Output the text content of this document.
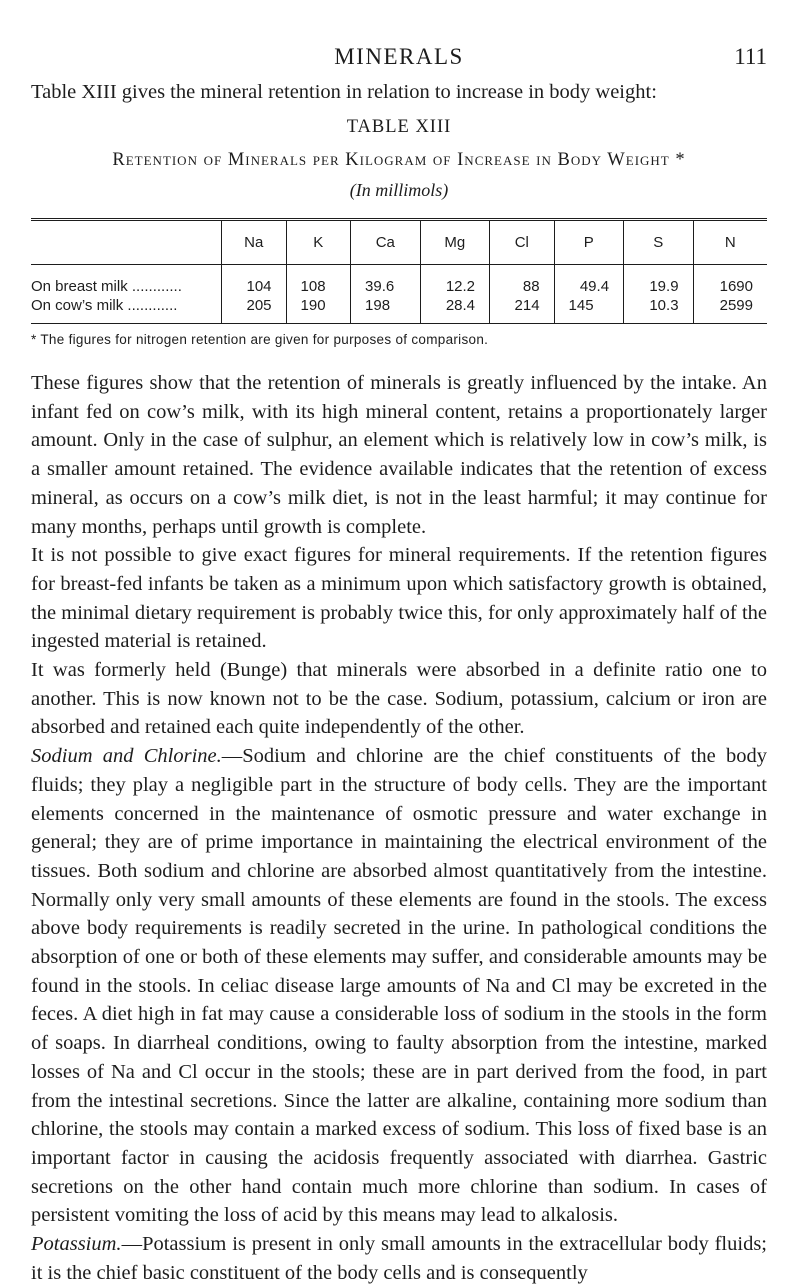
MINERALS	111

Table XIII gives the mineral retention in relation to increase in body weight:

TABLE XIII
Retention of Minerals per Kilogram of Increase in Body Weight *
(In millimols)
	Na	K	Ca	Mg	Cl	P	S	N
On breast milk ............	104	108	39.6	12.2	88	49.4	19.9	1690
On cow’s milk ............	205	190	198	28.4	214	145	10.3	2599
* The figures for nitrogen retention are given for purposes of comparison.

These figures show that the retention of minerals is greatly influenced by the intake. An infant fed on cow’s milk, with its high mineral content, retains a proportionately larger amount. Only in the case of sulphur, an element which is relatively low in cow’s milk, is a smaller amount retained. The evidence available indicates that the retention of excess mineral, as occurs on a cow’s milk diet, is not in the least harmful; it may continue for many months, perhaps until growth is complete.

It is not possible to give exact figures for mineral requirements. If the retention figures for breast-fed infants be taken as a minimum upon which satisfactory growth is obtained, the minimal dietary requirement is probably twice this, for only approximately half of the ingested material is retained.

It was formerly held (Bunge) that minerals were absorbed in a definite ratio one to another. This is now known not to be the case. Sodium, potassium, calcium or iron are absorbed and retained each quite independently of the other.

Sodium and Chlorine.—Sodium and chlorine are the chief constituents of the body fluids; they play a negligible part in the structure of body cells. They are the important elements concerned in the maintenance of osmotic pressure and water exchange in general; they are of prime importance in maintaining the electrical environment of the tissues. Both sodium and chlorine are absorbed almost quantitatively from the intestine. Normally only very small amounts of these elements are found in the stools. The excess above body requirements is readily secreted in the urine. In pathological conditions the absorption of one or both of these elements may suffer, and considerable amounts may be found in the stools. In celiac disease large amounts of Na and Cl may be excreted in the feces. A diet high in fat may cause a considerable loss of sodium in the stools in the form of soaps. In diarrheal conditions, owing to faulty absorption from the intestine, marked losses of Na and Cl occur in the stools; these are in part derived from the food, in part from the intestinal secretions. Since the latter are alkaline, containing more sodium than chlorine, the stools may contain a marked excess of sodium. This loss of fixed base is an important factor in causing the acidosis frequently associated with diarrhea. Gastric secretions on the other hand contain much more chlorine than sodium. In cases of persistent vomiting the loss of acid by this means may lead to alkalosis.

Potassium.—Potassium is present in only small amounts in the extracellular body fluids; it is the chief basic constituent of the body cells and is consequently
